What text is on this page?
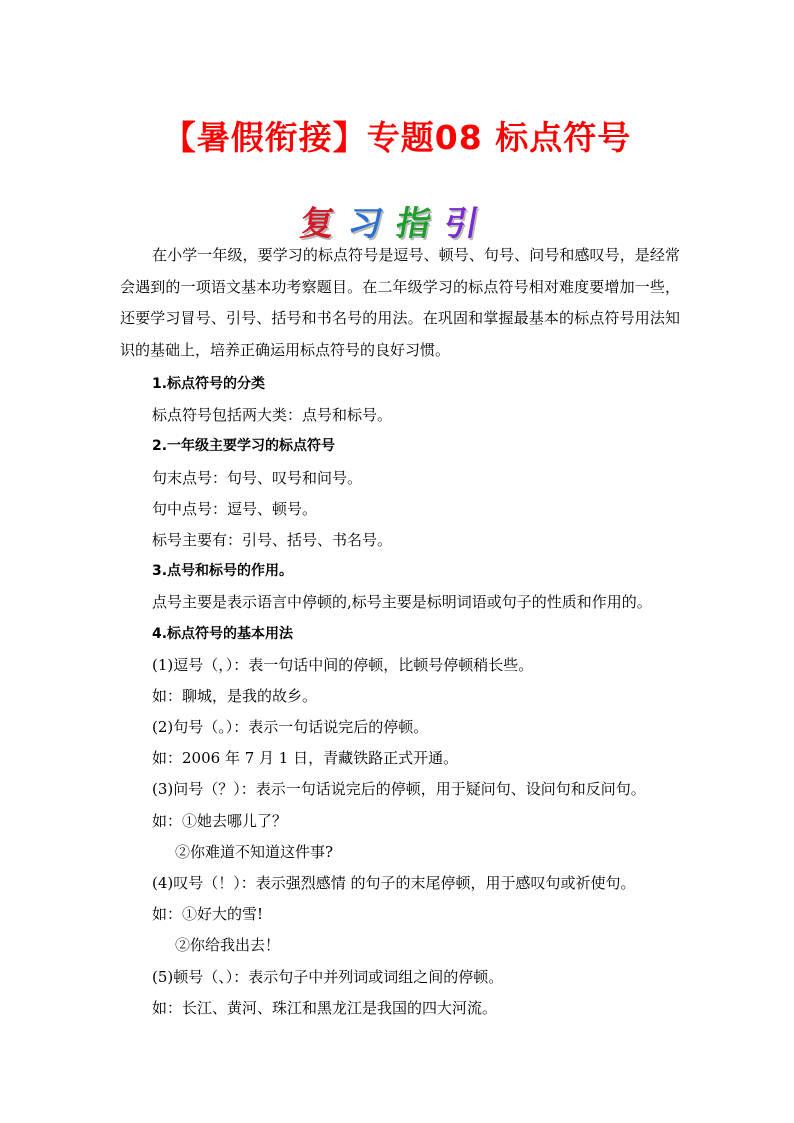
【暑假衔接】专题08 标点符号
复习指引

在小学一年级，要学习的标点符号是逗号、顿号、句号、问号和感叹号，是经常会遇到的一项语文基本功考察题目。在二年级学习的标点符号相对难度要增加一些，还要学习冒号、引号、括号和书名号的用法。在巩固和掌握最基本的标点符号用法知识的基础上，培养正确运用标点符号的良好习惯。

1.标点符号的分类
标点符号包括两大类：点号和标号。
2.一年级主要学习的标点符号
句末点号：句号、叹号和问号。
句中点号：逗号、顿号。
标号主要有：引号、括号、书名号。
3.点号和标号的作用。
点号主要是表示语言中停顿的,标号主要是标明词语或句子的性质和作用的。
4.标点符号的基本用法
(1)逗号（，）：表一句话中间的停顿，比顿号停顿稍长些。
如：聊城，是我的故乡。
(2)句号（。）：表示一句话说完后的停顿。
如：2006 年 7 月 1 日，青藏铁路正式开通。
(3)问号（？）：表示一句话说完后的停顿，用于疑问句、设问句和反问句。
如：①她去哪儿了？
②你难道不知道这件事?
(4)叹号（！）：表示强烈感情 的句子的末尾停顿，用于感叹句或祈使句。
如：①好大的雪!
②你给我出去！
(5)顿号（、）：表示句子中并列词或词组之间的停顿。
如：长江、黄河、珠江和黑龙江是我国的四大河流。
